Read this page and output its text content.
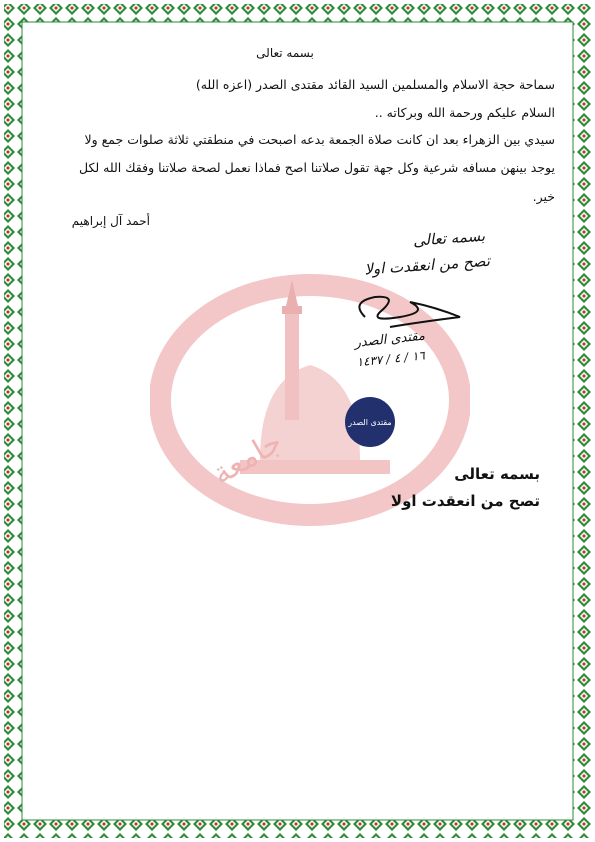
جامعة
بسمه تعالى
سماحة حجة الاسلام والمسلمين السيد القائد مقتدى الصدر (اعزه الله)
السلام عليكم ورحمة الله وبركاته ..
سيدي بين الزهراء بعد ان كانت صلاة الجمعة بدعه اصبحت في منطقتي ثلاثة صلوات جمع ولا
يوجد بينهن مسافه شرعية وكل جهة تقول صلاتنا اصح فماذا نعمل لصحة صلاتنا وفقك الله لكل
خير.
أحمد آل إبراهيم
بسمه تعالى
تصح من انعقدت اولا
مقتدى الصدر
١٦ / ٤ / ١٤٣٧
مقتدى الصدر
بسمه تعالى
تصح من انعقدت اولا
